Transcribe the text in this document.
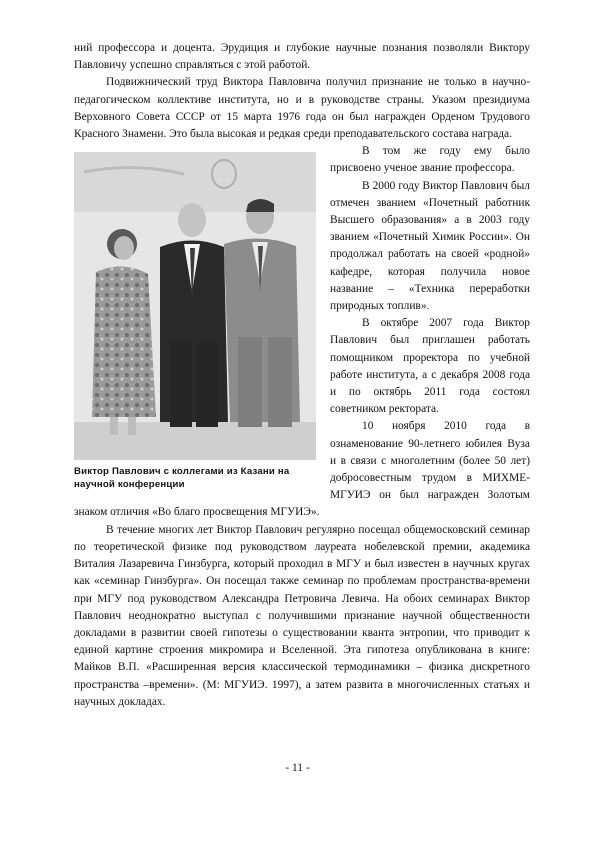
ний профессора и доцента. Эрудиция и глубокие научные познания позволяли Виктору Павловичу успешно справляться с этой работой.

Подвижнический труд Виктора Павловича получил признание не только в научно-педагогическом коллективе института, но и в руководстве страны. Указом президиума Верховного Совета СССР от 15 марта 1976 года он был награжден Орденом Трудового Красного Знамени. Это была высокая и редкая среди преподавательского состава награда.

Виктор Павлович с коллегами из Казани на научной конференции

В том же году ему было присвоено ученое звание профессора.

В 2000 году Виктор Павлович был отмечен званием «Почетный работник Высшего образования» а в 2003 году званием «Почетный Химик России». Он продолжал работать на своей «родной» кафедре, которая получила новое название – «Техника переработки природных топлив».

В октябре 2007 года Виктор Павлович был приглашен работать помощником проректора по учебной работе института, а с декабря 2008 года и по октябрь 2011 года состоял советником ректората.

10 ноября 2010 года в ознаменование 90-летнего юбилея Вуза и в связи с многолетним (более 50 лет) добросовестным трудом в МИХМЕ-МГУИЭ он был награжден Золотым знаком отличия «Во благо просвещения МГУИЭ».

В течение многих лет Виктор Павлович регулярно посещал общемосковский семинар по теоретической физике под руководством лауреата нобелевской премии, академика Виталия Лазаревича Гинзбурга, который проходил в МГУ и был известен в научных кругах как «семинар Гинзбурга». Он посещал также семинар по проблемам пространства-времени при МГУ под руководством Александра Петровича Левича. На обоих семинарах Виктор Павлович неоднократно выступал с получившими признание научной общественности докладами в развитии своей гипотезы о существовании кванта энтропии, что приводит к единой картине строения микромира и Вселенной. Эта гипотеза опубликована в книге: Майков В.П. «Расширенная версия классической термодинамики – физика дискретного пространства –времени». (М: МГУИЭ. 1997), а затем развита в многочисленных статьях и научных докладах.

- 11 -
